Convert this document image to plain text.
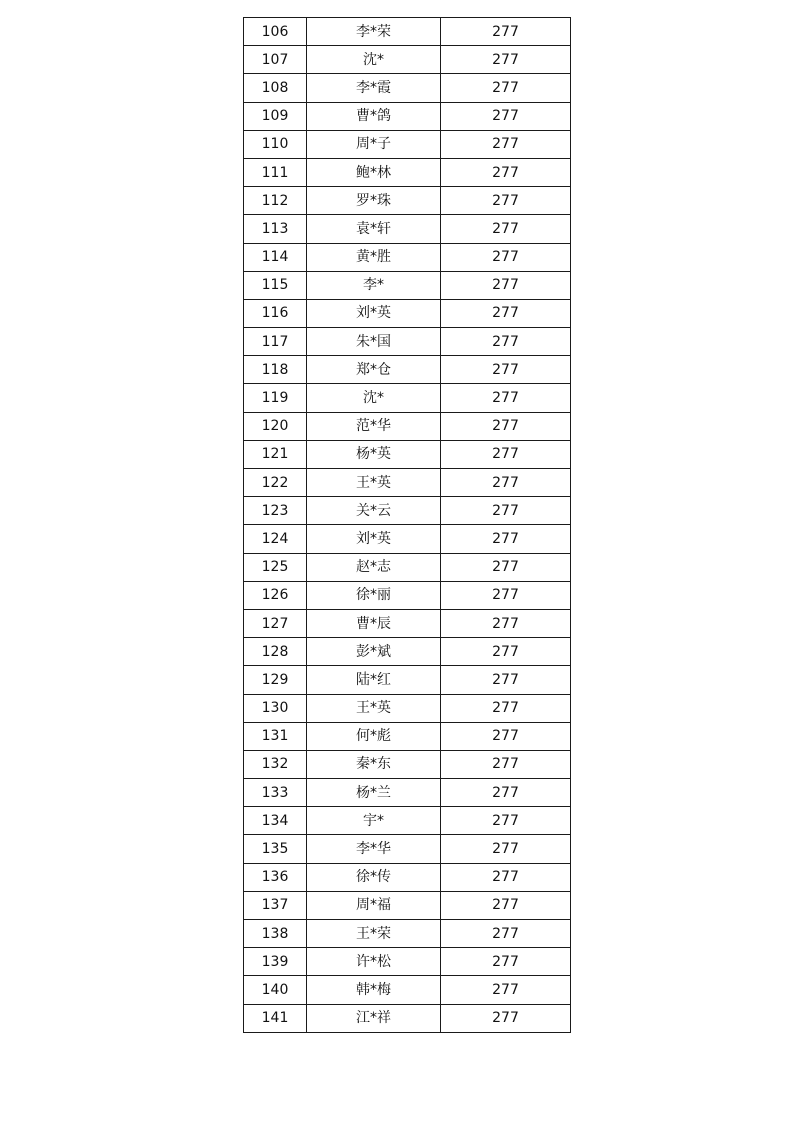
106	李*荣	277
107	沈*	277
108	李*霞	277
109	曹*鸽	277
110	周*子	277
111	鲍*林	277
112	罗*珠	277
113	袁*轩	277
114	黄*胜	277
115	李*	277
116	刘*英	277
117	朱*国	277
118	郑*仓	277
119	沈*	277
120	范*华	277
121	杨*英	277
122	王*英	277
123	关*云	277
124	刘*英	277
125	赵*志	277
126	徐*丽	277
127	曹*辰	277
128	彭*斌	277
129	陆*红	277
130	王*英	277
131	何*彪	277
132	秦*东	277
133	杨*兰	277
134	宇*	277
135	李*华	277
136	徐*传	277
137	周*福	277
138	王*荣	277
139	许*松	277
140	韩*梅	277
141	江*祥	277
